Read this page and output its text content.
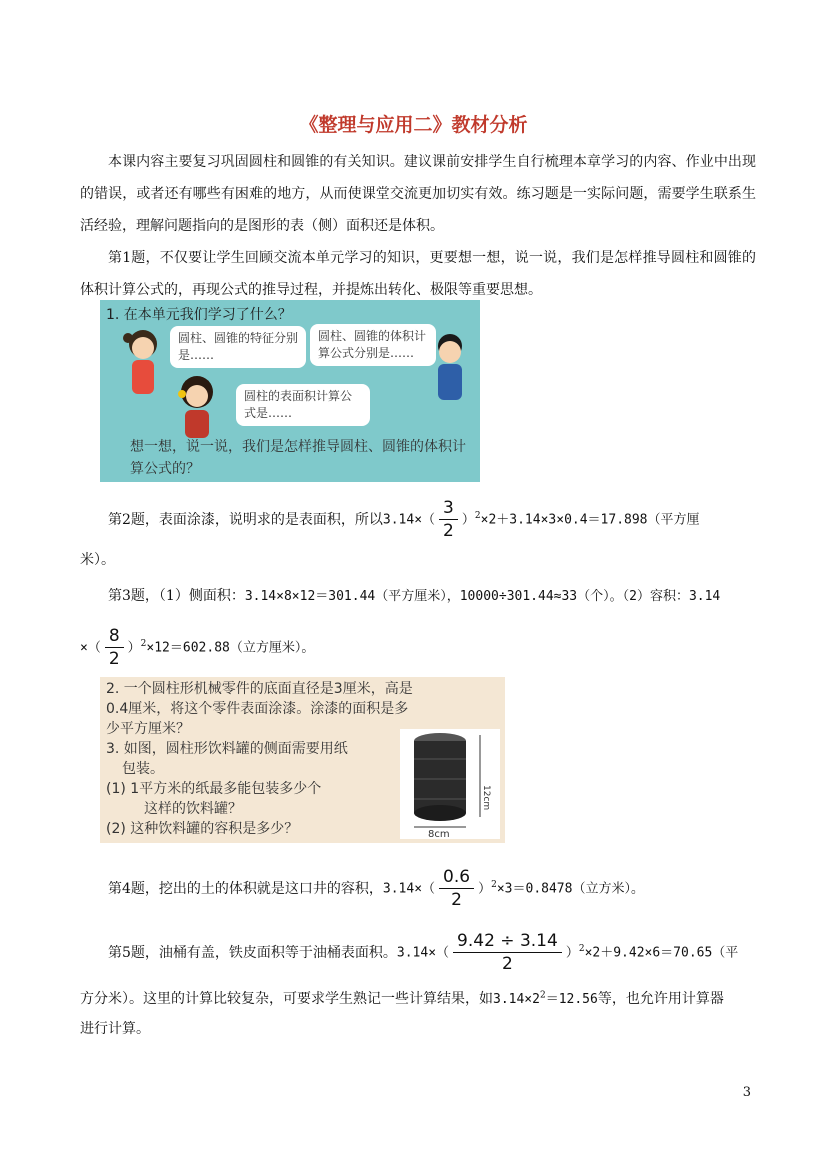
《整理与应用二》教材分析
本课内容主要复习巩固圆柱和圆锥的有关知识。建议课前安排学生自行梳理本章学习的内容、作业中出现的错误，或者还有哪些有困难的地方，从而使课堂交流更加切实有效。练习题是一实际问题，需要学生联系生活经验，理解问题指向的是图形的表（侧）面积还是体积。
第1题，不仅要让学生回顾交流本单元学习的知识，更要想一想，说一说，我们是怎样推导圆柱和圆锥的体积计算公式的，再现公式的推导过程，并提炼出转化、极限等重要思想。
1. 在本单元我们学习了什么？
圆柱、圆锥的特征分别是……
圆柱、圆锥的体积计算公式分别是……
圆柱的表面积计算公式是……
想一想，说一说，我们是怎样推导圆柱、圆锥的体积计算公式的？
第2题，表面涂漆，说明求的是表面积，所以$3.14\times( \frac{3}{2} )^2\times 2+3.14\times 3\times 0.4=17.898$（平方厘
米）。
第3题，（1）侧面积：3.14×8×12＝301.44（平方厘米），10000÷301.44≈33（个）。（2）容积：3.14
×（ $\frac{8}{2} )^2\times 12=602.88$（立方厘米）。
2. 一个圆柱形机械零件的底面直径是3厘米，高是
0.4厘米，将这个零件表面涂漆。涂漆的面积是多
少平方厘米？
3. 如图，圆柱形饮料罐的侧面需要用纸
包装。
(1) 1平方米的纸最多能包装多少个
这样的饮料罐？
(2) 这种饮料罐的容积是多少？
12cm
8cm
第4题，挖出的土的体积就是这口井的容积，$3.14\times( \frac{0.6}{2} )^2\times 3=0.8478$（立方米）。
第5题，油桶有盖，铁皮面积等于油桶表面积。$3.14\times( \frac{9.42 \div 3.14}{2} )^2\times 2+9.42\times 6=70.65$（平
方分米）。这里的计算比较复杂，可要求学生熟记一些计算结果，如$3.14\times 2^2=12.56$等，也允许用计算器
进行计算。
3
